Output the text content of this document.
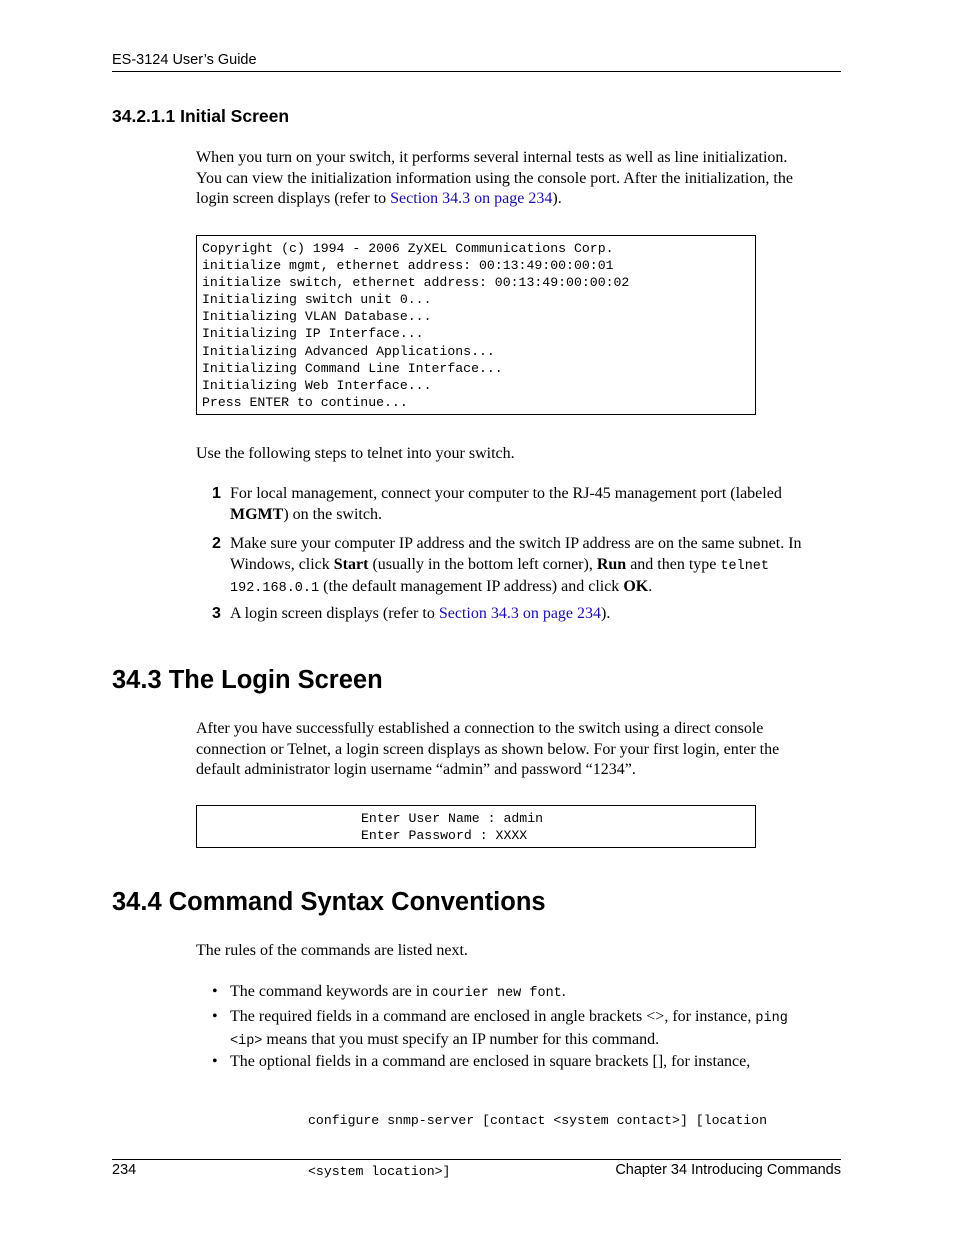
ES-3124 User’s Guide
34.2.1.1 Initial Screen
When you turn on your switch, it performs several internal tests as well as line initialization.
You can view the initialization information using the console port. After the initialization, the
login screen displays (refer to Section 34.3 on page 234).
Copyright (c) 1994 - 2006 ZyXEL Communications Corp.
initialize mgmt, ethernet address: 00:13:49:00:00:01
initialize switch, ethernet address: 00:13:49:00:00:02
Initializing switch unit 0...
Initializing VLAN Database...
Initializing IP Interface...
Initializing Advanced Applications...
Initializing Command Line Interface...
Initializing Web Interface...
Press ENTER to continue...
Use the following steps to telnet into your switch.
1 For local management, connect your computer to the RJ-45 management port (labeled
MGMT) on the switch.
2 Make sure your computer IP address and the switch IP address are on the same subnet. In
Windows, click Start (usually in the bottom left corner), Run and then type telnet
192.168.0.1 (the default management IP address) and click OK.
3 A login screen displays (refer to Section 34.3 on page 234).
34.3 The Login Screen
After you have successfully established a connection to the switch using a direct console
connection or Telnet, a login screen displays as shown below. For your first login, enter the
default administrator login username “admin” and password “1234”.
Enter User Name : admin
Enter Password : XXXX
34.4 Command Syntax Conventions
The rules of the commands are listed next.
• The command keywords are in courier new font.
• The required fields in a command are enclosed in angle brackets <>, for instance, ping
<ip> means that you must specify an IP number for this command.
• The optional fields in a command are enclosed in square brackets [], for instance,

configure snmp-server [contact <system contact>] [location

<system location>]

234	Chapter 34 Introducing Commands
